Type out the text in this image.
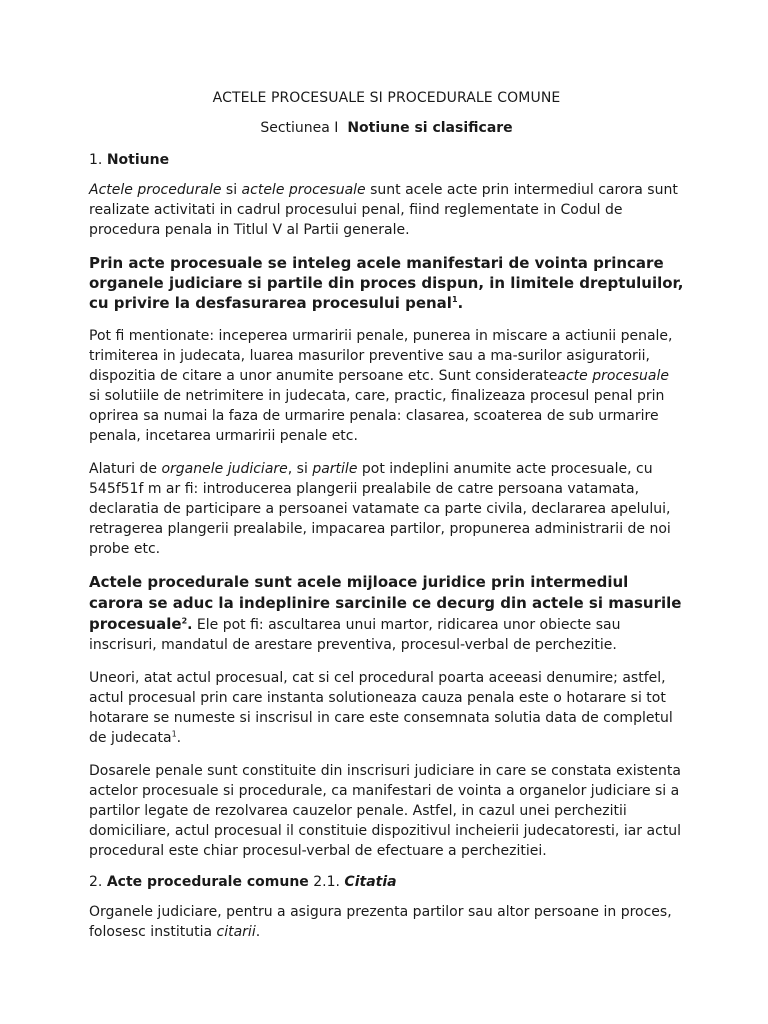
ACTELE PROCESUALE SI PROCEDURALE COMUNE
Sectiunea I Notiune si clasificare
1. Notiune

Actele procedurale si actele procesuale sunt acele acte prin intermediul carora sunt realizate activitati in cadrul procesului penal, fiind reglementate in Codul de procedura penala in Titlul V al Partii generale.

Prin acte procesuale se inteleg acele manifestari de vointa princare organele judiciare si partile din proces dispun, in limitele dreptuluilor, cu privire la desfasurarea procesului penal$^1$.

Pot fi mentionate: inceperea urmaririi penale, punerea in miscare a actiunii penale, trimiterea in judecata, luarea masurilor preventive sau a ma-surilor asiguratorii, dispozitia de citare a unor anumite persoane etc. Sunt considerateacte procesuale si solutiile de netrimitere in judecata, care, practic, finalizeaza procesul penal prin oprirea sa numai la faza de urmarire penala: clasarea, scoaterea de sub urmarire penala, incetarea urmaririi penale etc.

Alaturi de organele judiciare, si partile pot indeplini anumite acte procesuale, cu 545f51f m ar fi: introducerea plangerii prealabile de catre persoana vatamata, declaratia de participare a persoanei vatamate ca parte civila, declararea apelului, retragerea plangerii prealabile, impacarea partilor, propunerea administrarii de noi probe etc.

Actele procedurale sunt acele mijloace juridice prin intermediul carora se aduc la indeplinire sarcinile ce decurg din actele si masurile procesuale$^2$. Ele pot fi: ascultarea unui martor, ridicarea unor obiecte sau inscrisuri, mandatul de arestare preventiva, procesul-verbal de perchezitie.

Uneori, atat actul procesual, cat si cel procedural poarta aceeasi denumire; astfel, actul procesual prin care instanta solutioneaza cauza penala este o hotarare si tot hotarare se numeste si inscrisul in care este consemnata solutia data de completul de judecata$^1$.

Dosarele penale sunt constituite din inscrisuri judiciare in care se constata existenta actelor procesuale si procedurale, ca manifestari de vointa a organelor judiciare si a partilor legate de rezolvarea cauzelor penale. Astfel, in cazul unei perchezitii domiciliare, actul procesual il constituie dispozitivul incheierii judecatoresti, iar actul procedural este chiar procesul-verbal de efectuare a perchezitiei.

2. Acte procedurale comune 2.1. Citatia

Organele judiciare, pentru a asigura prezenta partilor sau altor persoane in proces, folosesc institutia citarii.
